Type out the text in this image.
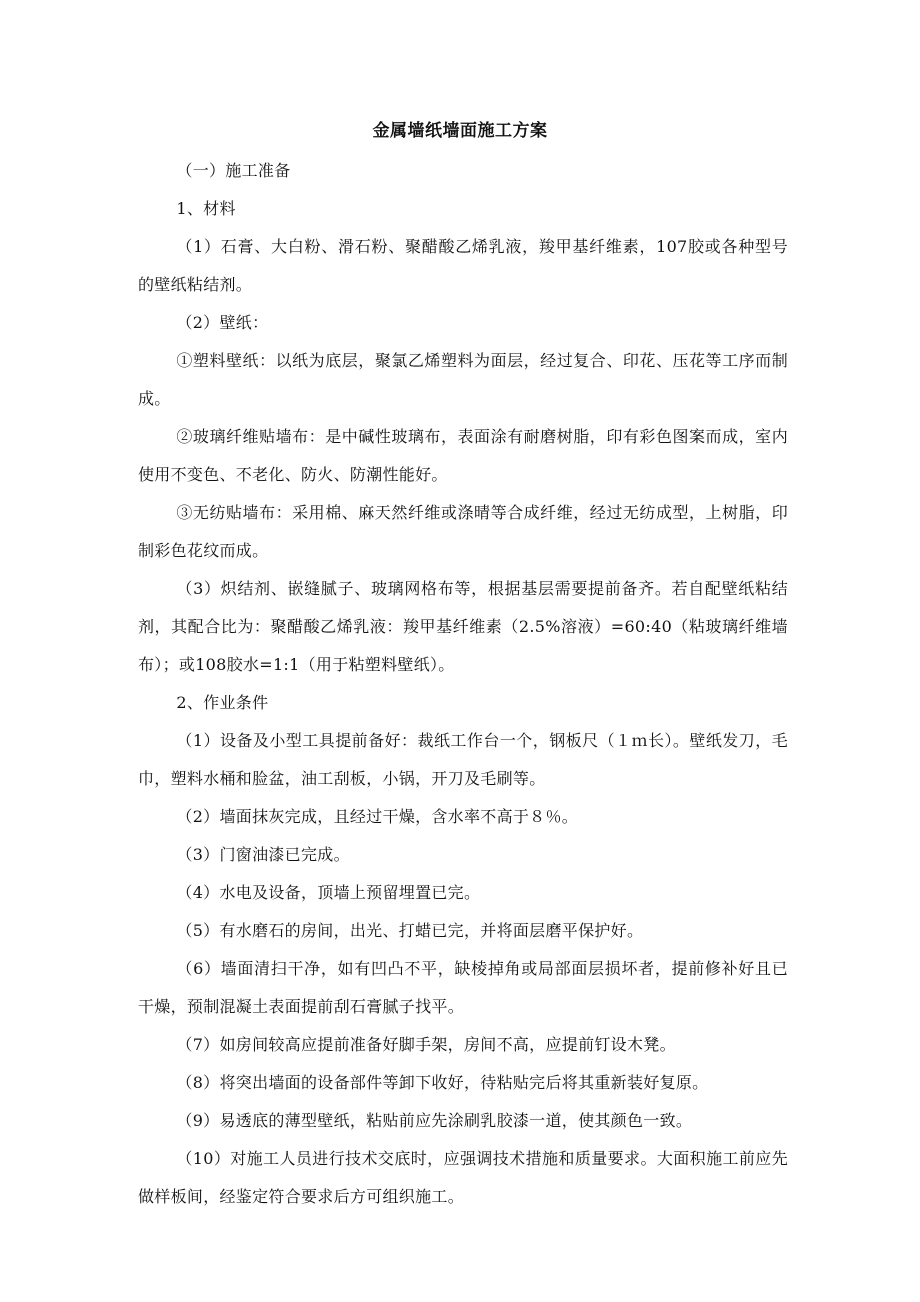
金属墙纸墙面施工方案

（一）施工准备

1、材料

（1）石膏、大白粉、滑石粉、聚醋酸乙烯乳液，羧甲基纤维素，107胶或各种型号的壁纸粘结剂。

（2）壁纸：

①塑料壁纸：以纸为底层，聚氯乙烯塑料为面层，经过复合、印花、压花等工序而制成。

②玻璃纤维贴墙布：是中碱性玻璃布，表面涂有耐磨树脂，印有彩色图案而成，室内使用不变色、不老化、防火、防潮性能好。

③无纺贴墙布：采用棉、麻天然纤维或涤晴等合成纤维，经过无纺成型，上树脂，印制彩色花纹而成。

（3）炽结剂、嵌缝腻子、玻璃网格布等，根据基层需要提前备齐。若自配壁纸粘结剂，其配合比为：聚醋酸乙烯乳液：羧甲基纤维素（2.5%溶液）=60:40（粘玻璃纤维墙布）；或108胶水=1:1（用于粘塑料壁纸）。

2、作业条件

（1）设备及小型工具提前备好：裁纸工作台一个，钢板尺（１ｍ长）。壁纸发刀，毛巾，塑料水桶和脸盆，油工刮板，小锅，开刀及毛刷等。

（2）墙面抹灰完成，且经过干燥，含水率不高于８％。

（3）门窗油漆已完成。

（4）水电及设备，顶墙上预留埋置已完。

（5）有水磨石的房间，出光、打蜡已完，并将面层磨平保护好。

（6）墙面清扫干净，如有凹凸不平，缺棱掉角或局部面层损坏者，提前修补好且已干燥，预制混凝土表面提前刮石膏腻子找平。

（7）如房间较高应提前准备好脚手架，房间不高，应提前钉设木凳。

（8）将突出墙面的设备部件等卸下收好，待粘贴完后将其重新装好复原。

（9）易透底的薄型壁纸，粘贴前应先涂刷乳胶漆一道，使其颜色一致。

（10）对施工人员进行技术交底时，应强调技术措施和质量要求。大面积施工前应先做样板间，经鉴定符合要求后方可组织施工。
